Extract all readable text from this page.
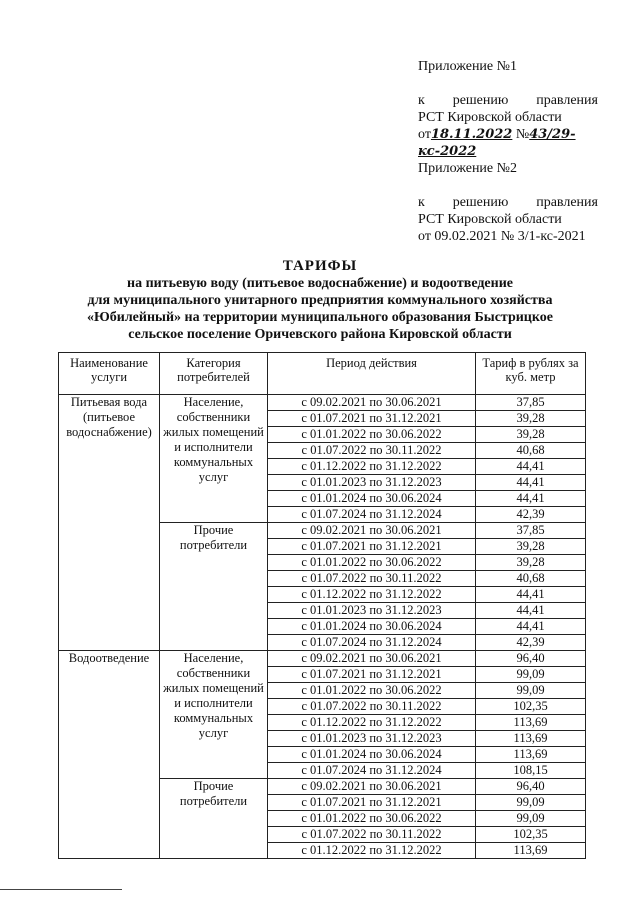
Приложение №1
к решению правления
РСТ Кировской области
от18.11.2022 №43/29-кс-2022
Приложение №2
к решению правления
РСТ Кировской области
от 09.02.2021 № 3/1-кс-2021
ТАРИФЫ
на питьевую воду (питьевое водоснабжение) и водоотведение
для муниципального унитарного предприятия коммунального хозяйства
«Юбилейный» на территории муниципального образования Быстрицкое
сельское поселение Оричевского района Кировской области
Наименование услуги	Категория потребителей	Период действия	Тариф в рублях за куб. метр
Питьевая вода (питьевое водоснабжение)	Население, собственники жилых помещений и исполнители коммунальных услуг	с 09.02.2021 по 30.06.2021	37,85
		с 01.07.2021 по 31.12.2021	39,28
		с 01.01.2022 по 30.06.2022	39,28
		с 01.07.2022 по 30.11.2022	40,68
		с 01.12.2022 по 31.12.2022	44,41
		с 01.01.2023 по 31.12.2023	44,41
		с 01.01.2024 по 30.06.2024	44,41
		с 01.07.2024 по 31.12.2024	42,39
	Прочие потребители	с 09.02.2021 по 30.06.2021	37,85
		с 01.07.2021 по 31.12.2021	39,28
		с 01.01.2022 по 30.06.2022	39,28
		с 01.07.2022 по 30.11.2022	40,68
		с 01.12.2022 по 31.12.2022	44,41
		с 01.01.2023 по 31.12.2023	44,41
		с 01.01.2024 по 30.06.2024	44,41
		с 01.07.2024 по 31.12.2024	42,39
Водоотведение	Население, собственники жилых помещений и исполнители коммунальных услуг	с 09.02.2021 по 30.06.2021	96,40
		с 01.07.2021 по 31.12.2021	99,09
		с 01.01.2022 по 30.06.2022	99,09
		с 01.07.2022 по 30.11.2022	102,35
		с 01.12.2022 по 31.12.2022	113,69
		с 01.01.2023 по 31.12.2023	113,69
		с 01.01.2024 по 30.06.2024	113,69
		с 01.07.2024 по 31.12.2024	108,15
	Прочие потребители	с 09.02.2021 по 30.06.2021	96,40
		с 01.07.2021 по 31.12.2021	99,09
		с 01.01.2022 по 30.06.2022	99,09
		с 01.07.2022 по 30.11.2022	102,35
		с 01.12.2022 по 31.12.2022	113,69
